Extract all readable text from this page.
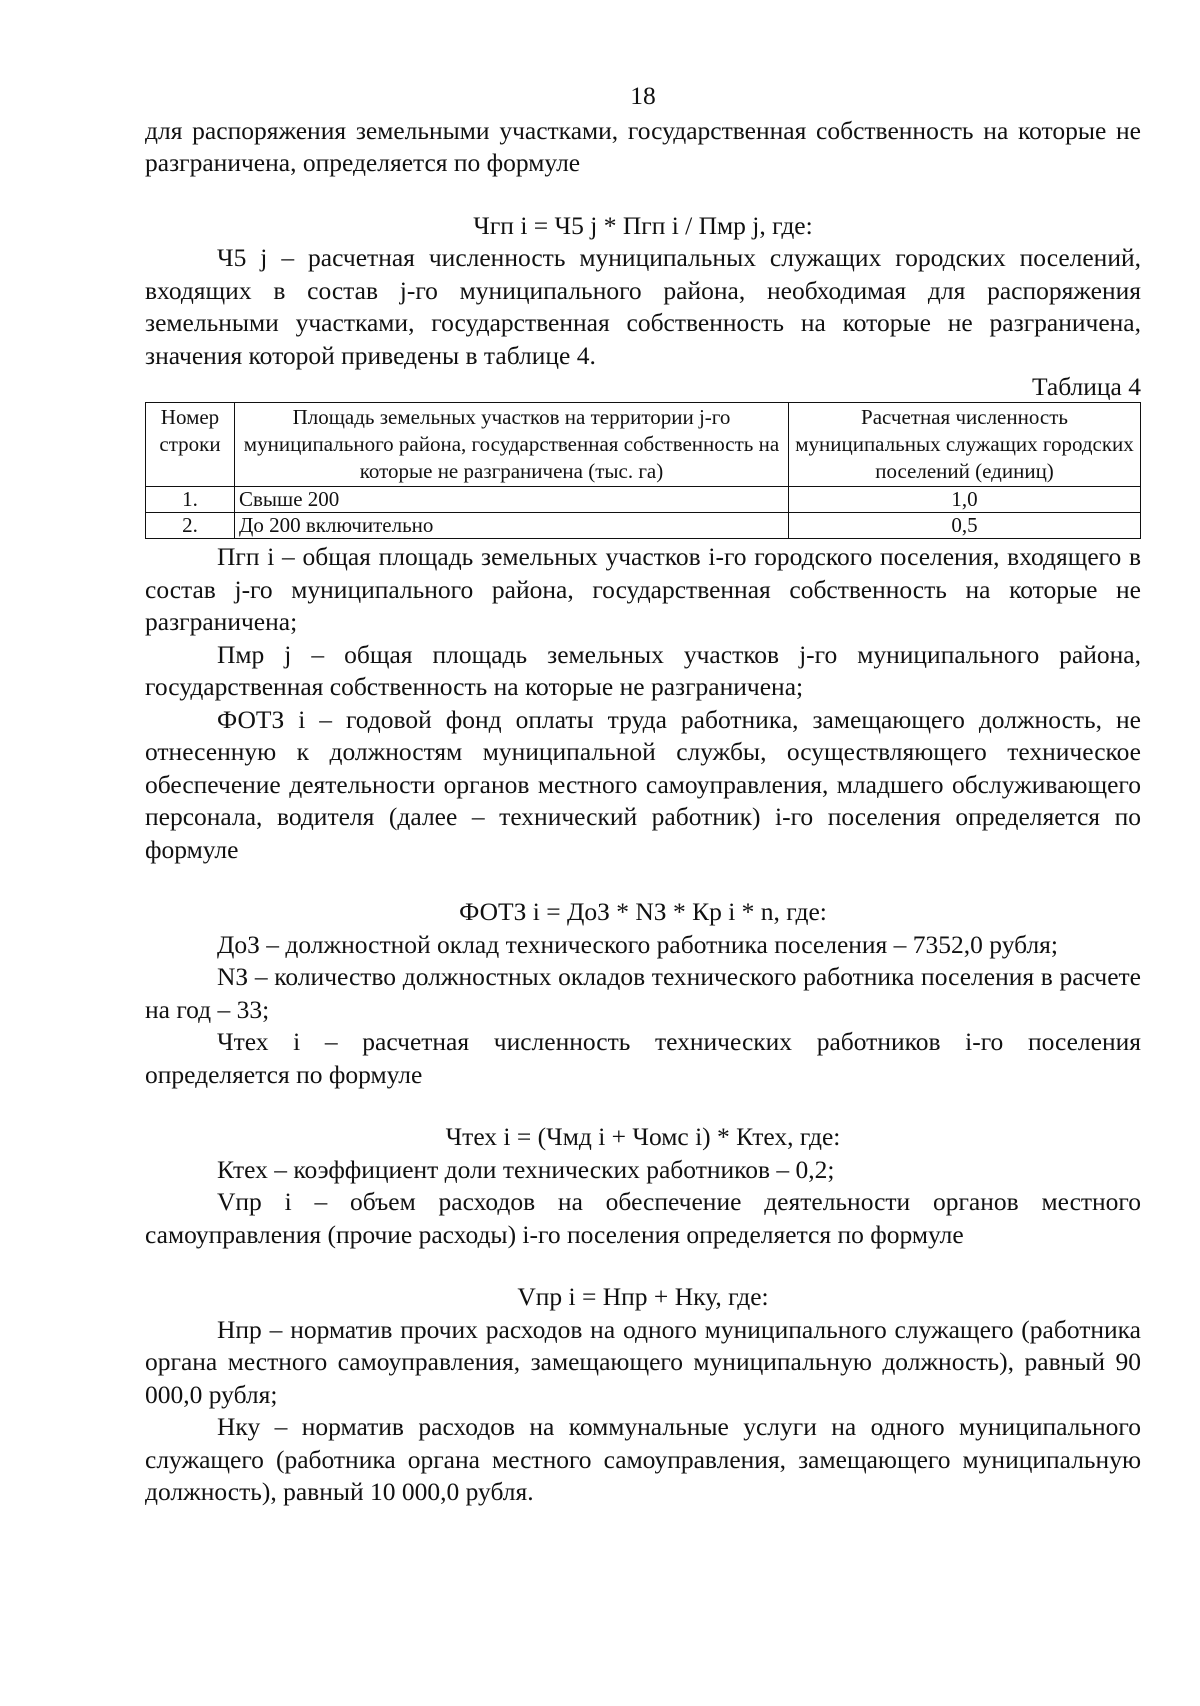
18

для распоряжения земельными участками, государственная собственность на которые не разграничена, определяется по формуле

Чгп i = Ч5 j * Пгп i / Пмр j, где:

Ч5 j – расчетная численность муниципальных служащих городских поселений, входящих в состав j-го муниципального района, необходимая для распоряжения земельными участками, государственная собственность на которые не разграничена, значения которой приведены в таблице 4.

Таблица 4

Номер строки	Площадь земельных участков на территории j-го муниципального района, государственная собственность на которые не разграничена (тыс. га)	Расчетная численность муниципальных служащих городских поселений (единиц)
1.	Свыше 200	1,0
2.	До 200 включительно	0,5

Пгп i – общая площадь земельных участков i-го городского поселения, входящего в состав j-го муниципального района, государственная собственность на которые не разграничена;

Пмр j – общая площадь земельных участков j-го муниципального района, государственная собственность на которые не разграничена;

ФОТЗ i – годовой фонд оплаты труда работника, замещающего должность, не отнесенную к должностям муниципальной службы, осуществляющего техническое обеспечение деятельности органов местного самоуправления, младшего обслуживающего персонала, водителя (далее – технический работник) i-го поселения определяется по формуле

ФОТЗ i = ДоЗ * NЗ * Кр i * n, где:

ДоЗ – должностной оклад технического работника поселения – 7352,0 рубля;

NЗ – количество должностных окладов технического работника поселения в расчете на год – 33;

Чтех i – расчетная численность технических работников i-го поселения определяется по формуле

Чтех i = (Чмд i + Чомс i) * Ктех, где:

Ктех – коэффициент доли технических работников – 0,2;

Vпр i – объем расходов на обеспечение деятельности органов местного самоуправления (прочие расходы) i-го поселения определяется по формуле

Vпр i = Нпр + Нку, где:

Нпр – норматив прочих расходов на одного муниципального служащего (работника органа местного самоуправления, замещающего муниципальную должность), равный 90 000,0 рубля;

Нку – норматив расходов на коммунальные услуги на одного муниципального служащего (работника органа местного самоуправления, замещающего муниципальную должность), равный 10 000,0 рубля.
